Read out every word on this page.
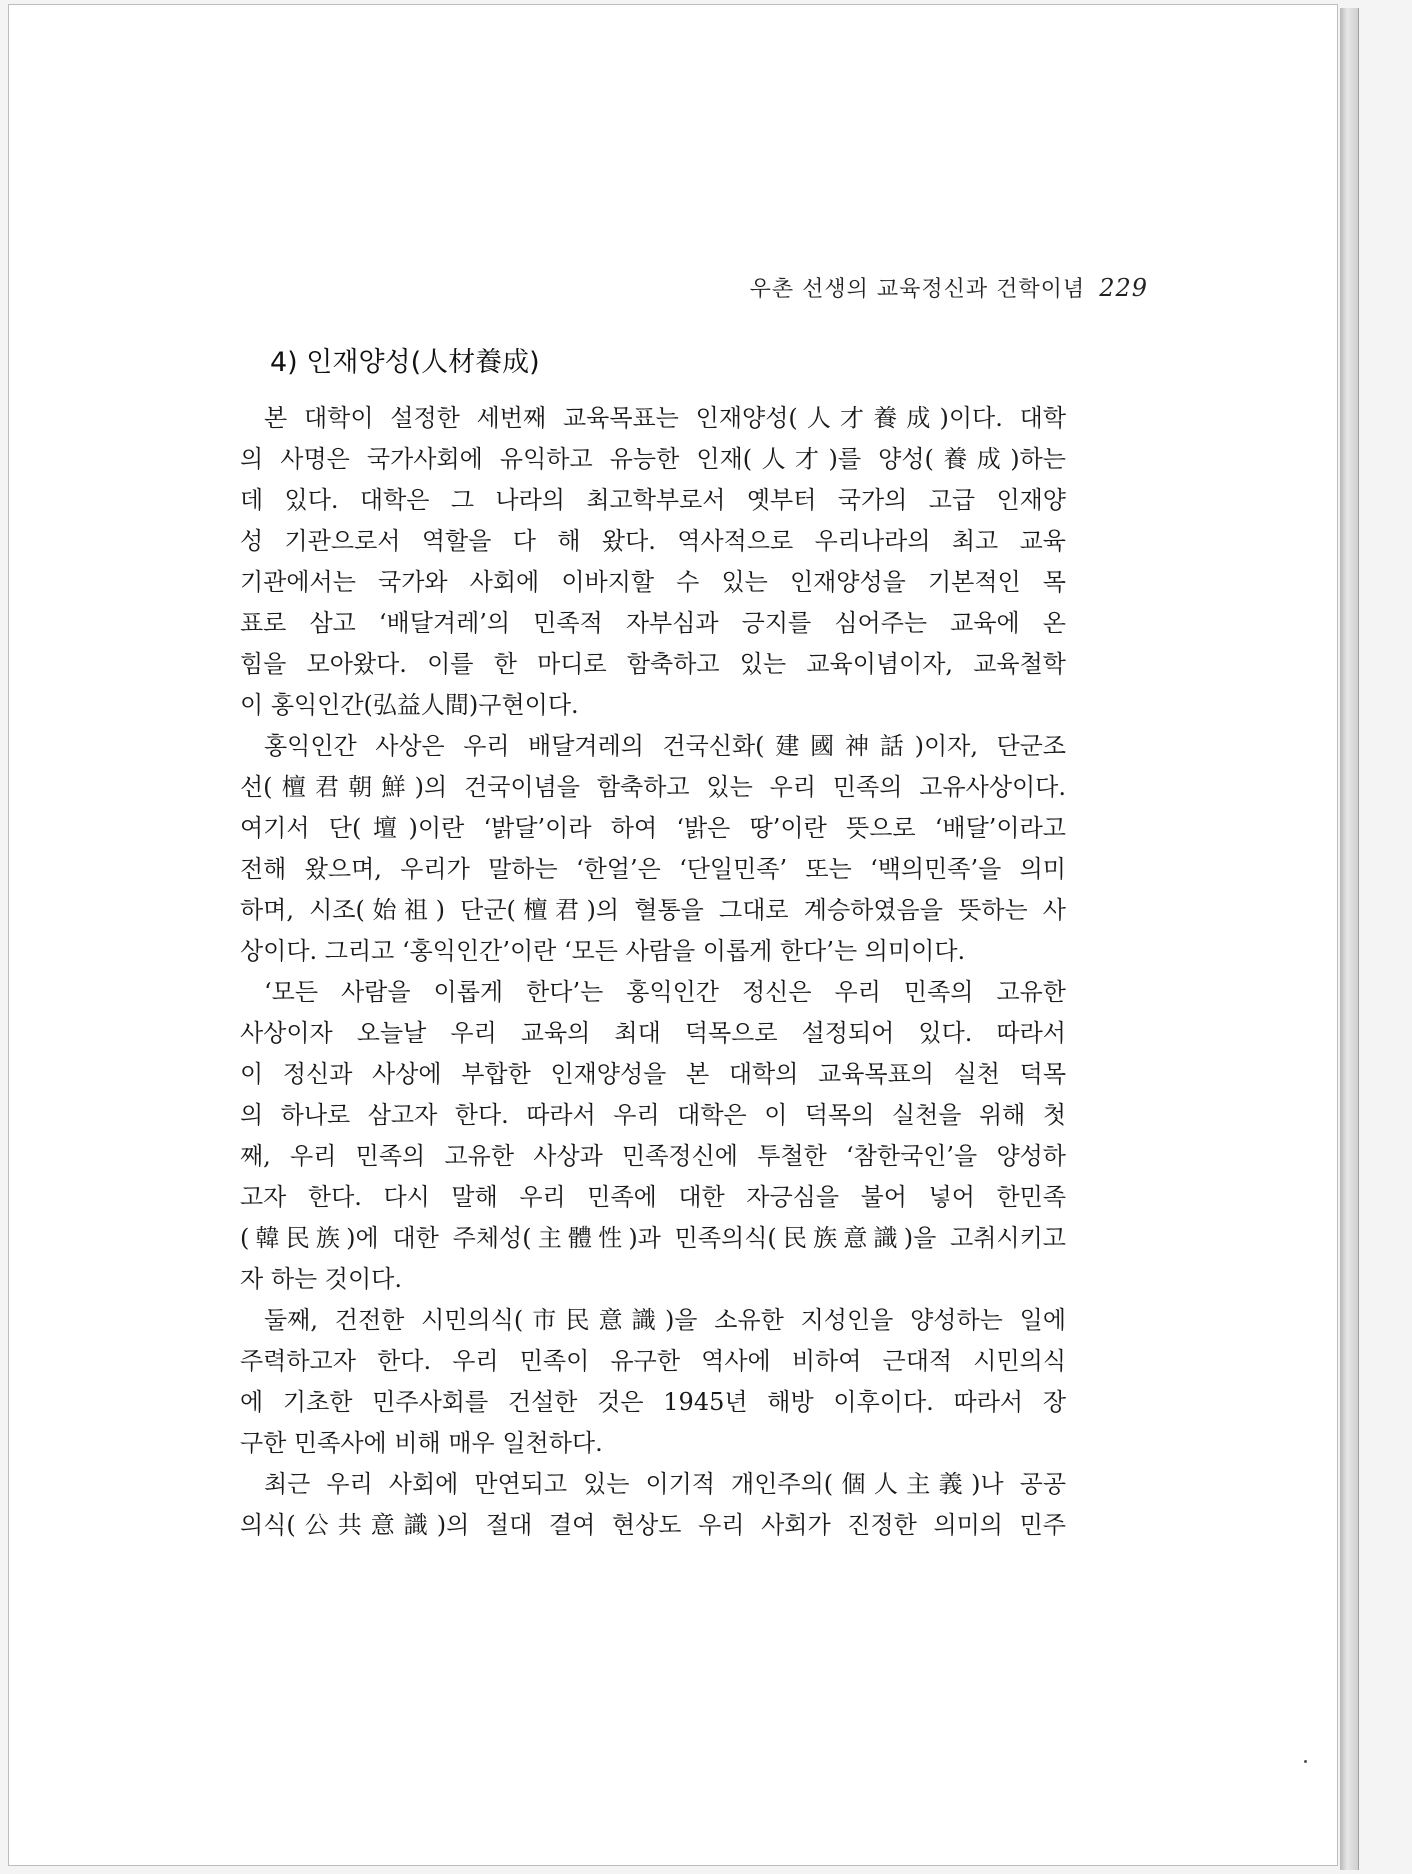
우촌 선생의 교육정신과 건학이념 229
4) 인재양성(人材養成)
본 대학이 설정한 세번째 교육목표는 인재양성(人才養成)이다. 대학
의 사명은 국가사회에 유익하고 유능한 인재(人才)를 양성(養成)하는
데 있다. 대학은 그 나라의 최고학부로서 옛부터 국가의 고급 인재양
성 기관으로서 역할을 다 해 왔다. 역사적으로 우리나라의 최고 교육
기관에서는 국가와 사회에 이바지할 수 있는 인재양성을 기본적인 목
표로 삼고 ‘배달겨레’의 민족적 자부심과 긍지를 심어주는 교육에 온
힘을 모아왔다. 이를 한 마디로 함축하고 있는 교육이념이자, 교육철학
이 홍익인간(弘益人間)구현이다.
홍익인간 사상은 우리 배달겨레의 건국신화(建國神話)이자, 단군조
선(檀君朝鮮)의 건국이념을 함축하고 있는 우리 민족의 고유사상이다.
여기서 단(壇)이란 ‘밝달’이라 하여 ‘밝은 땅’이란 뜻으로 ‘배달’이라고
전해 왔으며, 우리가 말하는 ‘한얼’은 ‘단일민족’ 또는 ‘백의민족’을 의미
하며, 시조(始祖) 단군(檀君)의 혈통을 그대로 계승하였음을 뜻하는 사
상이다. 그리고 ‘홍익인간’이란 ‘모든 사람을 이롭게 한다’는 의미이다.
‘모든 사람을 이롭게 한다’는 홍익인간 정신은 우리 민족의 고유한
사상이자 오늘날 우리 교육의 최대 덕목으로 설정되어 있다. 따라서
이 정신과 사상에 부합한 인재양성을 본 대학의 교육목표의 실천 덕목
의 하나로 삼고자 한다. 따라서 우리 대학은 이 덕목의 실천을 위해 첫
째, 우리 민족의 고유한 사상과 민족정신에 투철한 ‘참한국인’을 양성하
고자 한다. 다시 말해 우리 민족에 대한 자긍심을 불어 넣어 한민족
(韓民族)에 대한 주체성(主體性)과 민족의식(民族意識)을 고취시키고
자 하는 것이다.
둘째, 건전한 시민의식(市民意識)을 소유한 지성인을 양성하는 일에
주력하고자 한다. 우리 민족이 유구한 역사에 비하여 근대적 시민의식
에 기초한 민주사회를 건설한 것은 1945년 해방 이후이다. 따라서 장
구한 민족사에 비해 매우 일천하다.
최근 우리 사회에 만연되고 있는 이기적 개인주의(個人主義)나 공공
의식(公共意識)의 절대 결여 현상도 우리 사회가 진정한 의미의 민주
